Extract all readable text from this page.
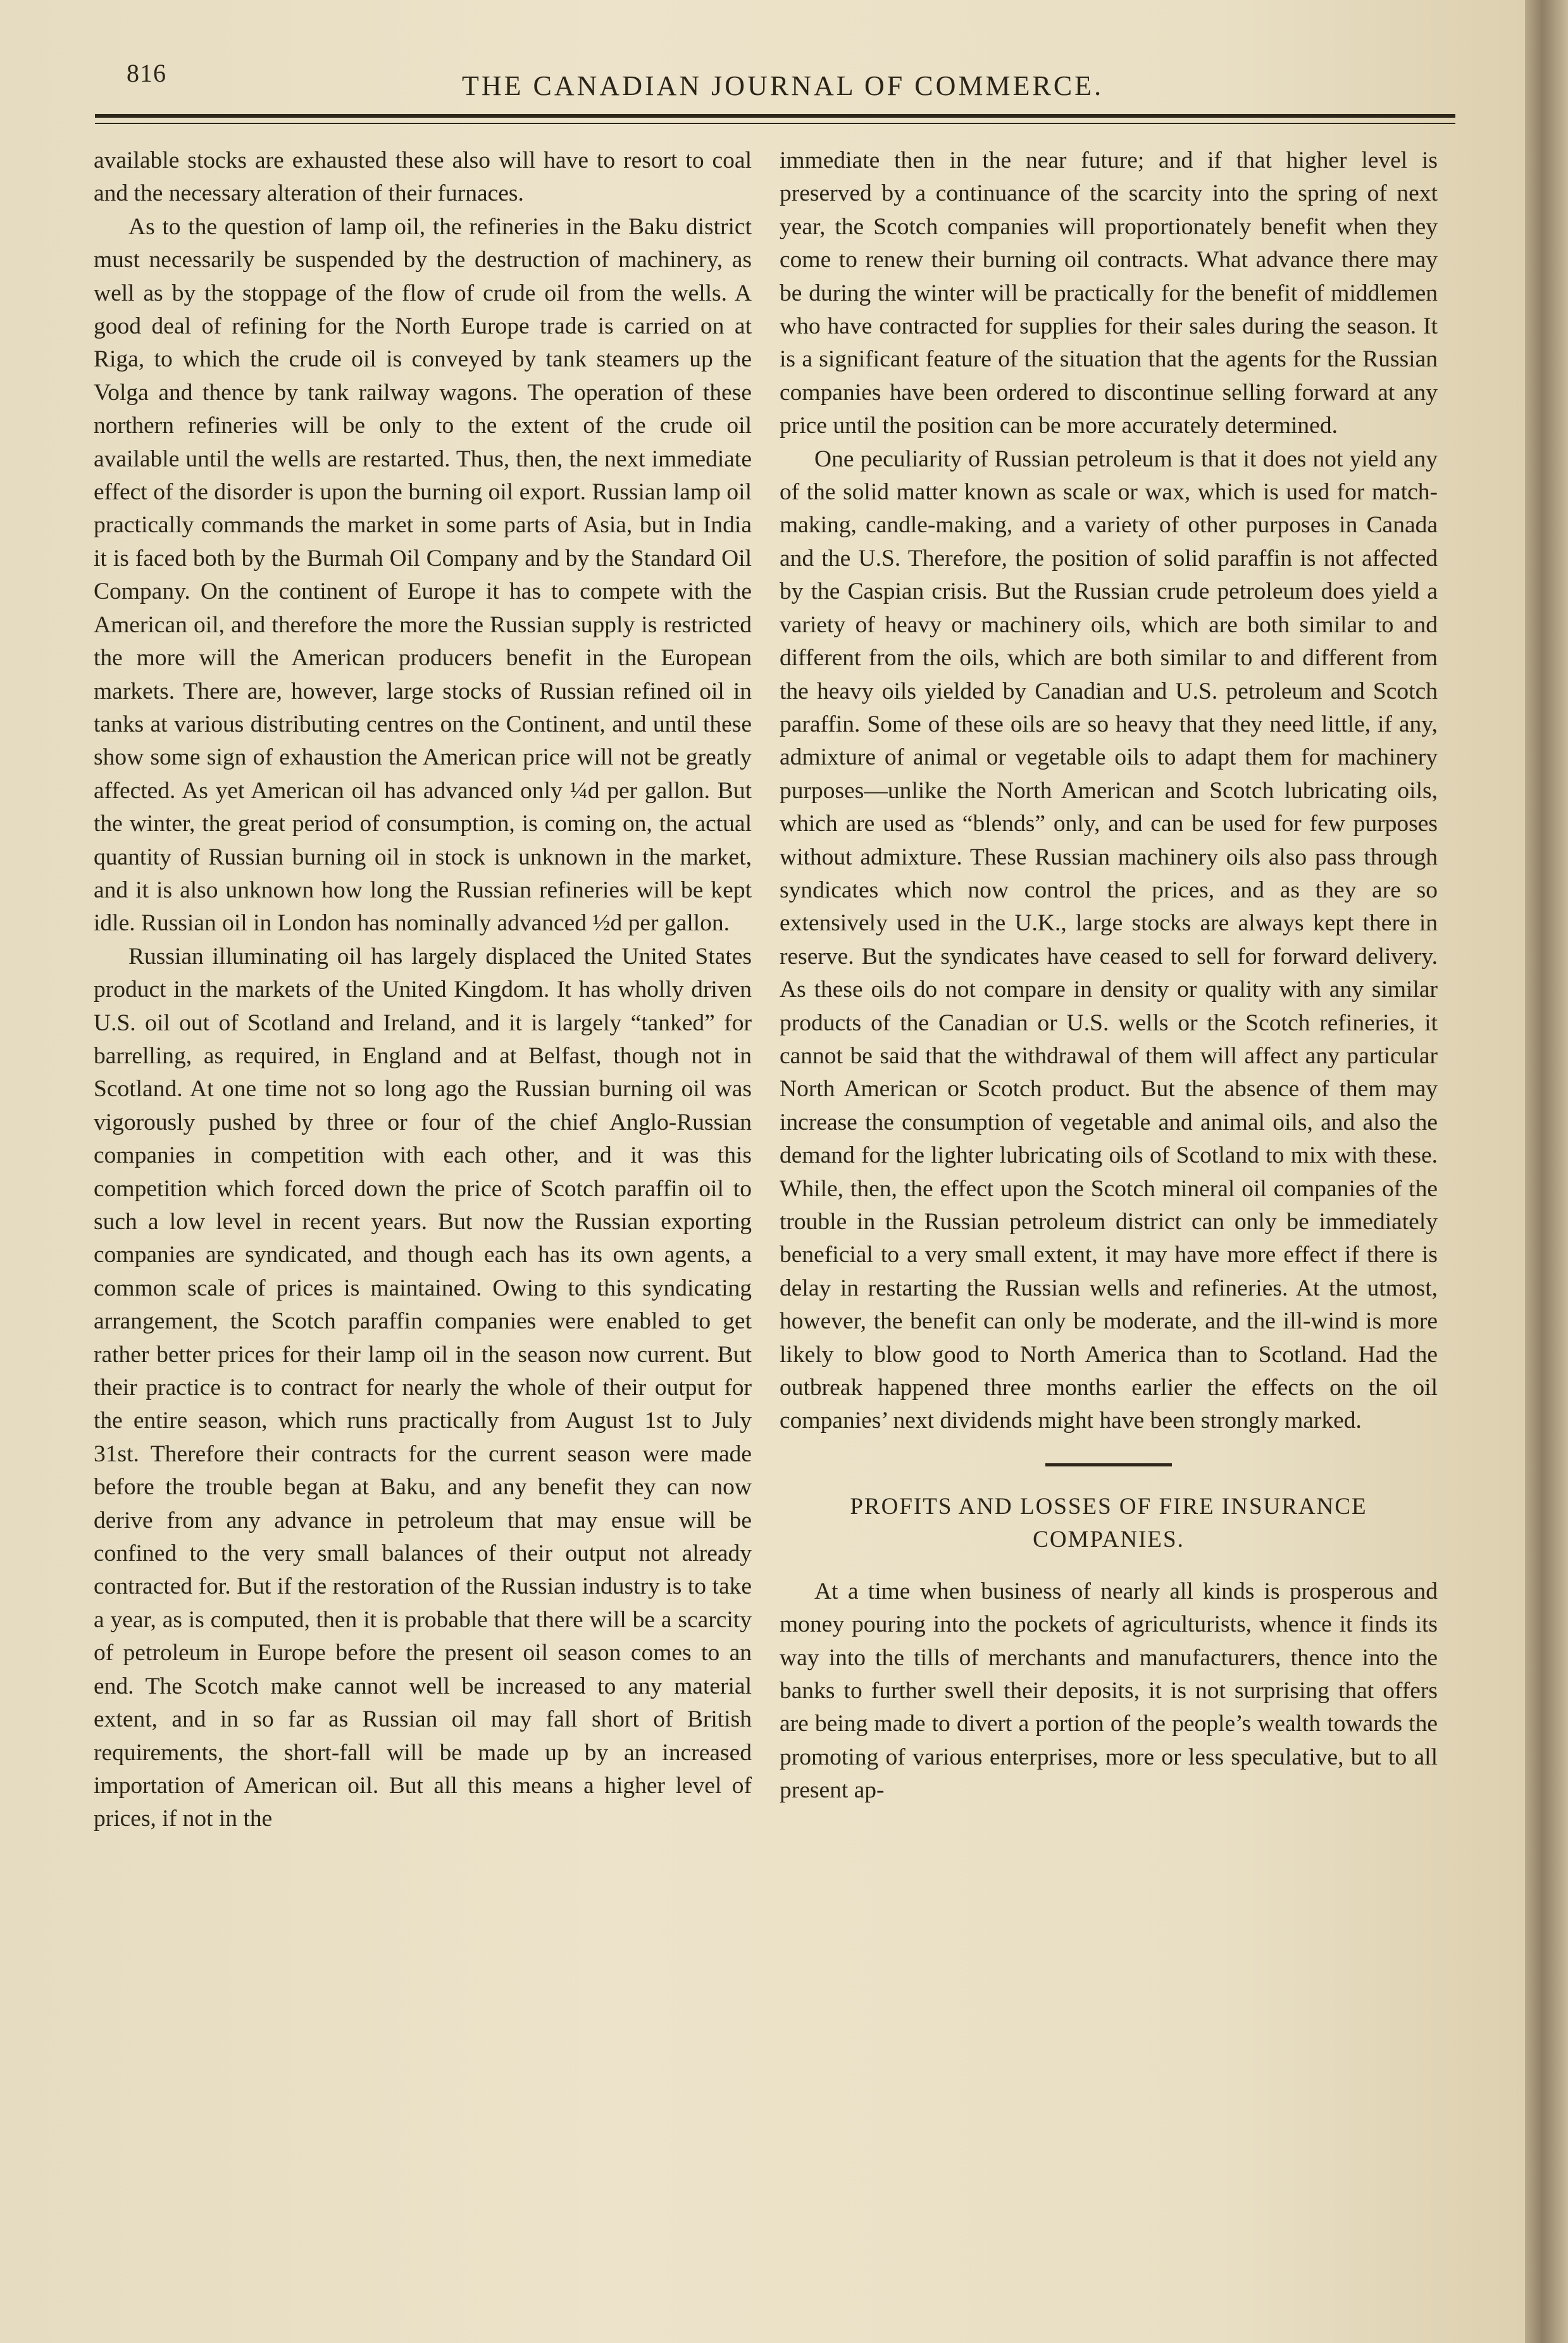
816	THE CANADIAN JOURNAL OF COMMERCE.

available stocks are exhausted these also will have to resort to coal and the necessary alteration of their furnaces.

As to the question of lamp oil, the refineries in the Baku district must necessarily be suspended by the destruction of machinery, as well as by the stoppage of the flow of crude oil from the wells. A good deal of refining for the North Europe trade is carried on at Riga, to which the crude oil is conveyed by tank steamers up the Volga and thence by tank railway wagons. The operation of these northern refineries will be only to the extent of the crude oil available until the wells are restarted. Thus, then, the next immediate effect of the disorder is upon the burning oil export. Russian lamp oil practically commands the market in some parts of Asia, but in India it is faced both by the Burmah Oil Company and by the Standard Oil Company. On the continent of Europe it has to compete with the American oil, and therefore the more the Russian supply is restricted the more will the American producers benefit in the European markets. There are, however, large stocks of Russian refined oil in tanks at various distributing centres on the Continent, and until these show some sign of exhaustion the American price will not be greatly affected. As yet American oil has advanced only ¼d per gallon. But the winter, the great period of consumption, is coming on, the actual quantity of Russian burning oil in stock is unknown in the market, and it is also unknown how long the Russian refineries will be kept idle. Russian oil in London has nominally advanced ½d per gallon.

Russian illuminating oil has largely displaced the United States product in the markets of the United Kingdom. It has wholly driven U.S. oil out of Scotland and Ireland, and it is largely “tanked” for barrelling, as required, in England and at Belfast, though not in Scotland. At one time not so long ago the Russian burning oil was vigorously pushed by three or four of the chief Anglo-Russian companies in competition with each other, and it was this competition which forced down the price of Scotch paraffin oil to such a low level in recent years. But now the Russian exporting companies are syndicated, and though each has its own agents, a common scale of prices is maintained. Owing to this syndicating arrangement, the Scotch paraffin companies were enabled to get rather better prices for their lamp oil in the season now current. But their practice is to contract for nearly the whole of their output for the entire season, which runs practically from August 1st to July 31st. Therefore their contracts for the current season were made before the trouble began at Baku, and any benefit they can now derive from any advance in petroleum that may ensue will be confined to the very small balances of their output not already contracted for. But if the restoration of the Russian industry is to take a year, as is computed, then it is probable that there will be a scarcity of petroleum in Europe before the present oil season comes to an end. The Scotch make cannot well be increased to any material extent, and in so far as Russian oil may fall short of British requirements, the short-fall will be made up by an increased importation of American oil. But all this means a higher level of prices, if not in the

immediate then in the near future; and if that higher level is preserved by a continuance of the scarcity into the spring of next year, the Scotch companies will proportionately benefit when they come to renew their burning oil contracts. What advance there may be during the winter will be practically for the benefit of middlemen who have contracted for supplies for their sales during the season. It is a significant feature of the situation that the agents for the Russian companies have been ordered to discontinue selling forward at any price until the position can be more accurately determined.

One peculiarity of Russian petroleum is that it does not yield any of the solid matter known as scale or wax, which is used for match-making, candle-making, and a variety of other purposes in Canada and the U.S. Therefore, the position of solid paraffin is not affected by the Caspian crisis. But the Russian crude petroleum does yield a variety of heavy or machinery oils, which are both similar to and different from the oils, which are both similar to and different from the heavy oils yielded by Canadian and U.S. petroleum and Scotch paraffin. Some of these oils are so heavy that they need little, if any, admixture of animal or vegetable oils to adapt them for machinery purposes—unlike the North American and Scotch lubricating oils, which are used as “blends” only, and can be used for few purposes without admixture. These Russian machinery oils also pass through syndicates which now control the prices, and as they are so extensively used in the U.K., large stocks are always kept there in reserve. But the syndicates have ceased to sell for forward delivery. As these oils do not compare in density or quality with any similar products of the Canadian or U.S. wells or the Scotch refineries, it cannot be said that the withdrawal of them will affect any particular North American or Scotch product. But the absence of them may increase the consumption of vegetable and animal oils, and also the demand for the lighter lubricating oils of Scotland to mix with these. While, then, the effect upon the Scotch mineral oil companies of the trouble in the Russian petroleum district can only be immediately beneficial to a very small extent, it may have more effect if there is delay in restarting the Russian wells and refineries. At the utmost, however, the benefit can only be moderate, and the ill-wind is more likely to blow good to North America than to Scotland. Had the outbreak happened three months earlier the effects on the oil companies’ next dividends might have been strongly marked.

PROFITS AND LOSSES OF FIRE INSURANCE COMPANIES.

At a time when business of nearly all kinds is prosperous and money pouring into the pockets of agriculturists, whence it finds its way into the tills of merchants and manufacturers, thence into the banks to further swell their deposits, it is not surprising that offers are being made to divert a portion of the people’s wealth towards the promoting of various enterprises, more or less speculative, but to all present ap-
